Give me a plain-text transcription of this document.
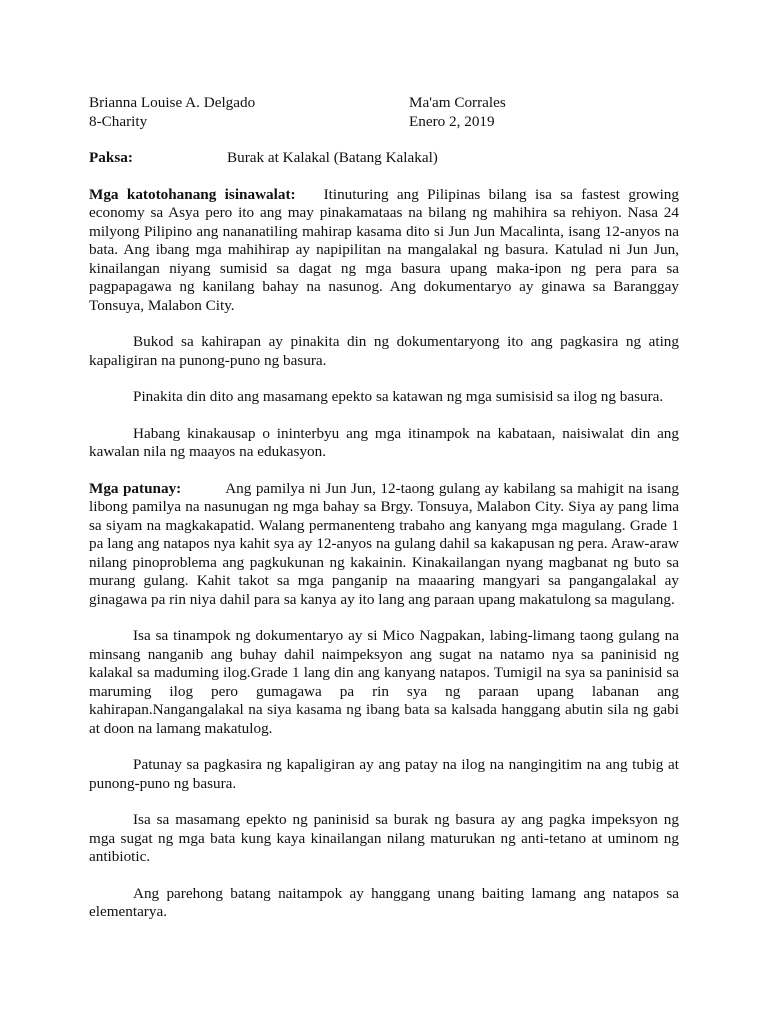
Brianna Louise A. Delgado	Ma'am Corrales
8-Charity	Enero 2, 2019
Paksa:	Burak at Kalakal (Batang Kalakal)

Mga katotohanang isinawalat: Itinuturing ang Pilipinas bilang isa sa fastest growing economy sa Asya pero ito ang may pinakamataas na bilang ng mahihira sa rehiyon. Nasa 24 milyong Pilipino ang nananatiling mahirap kasama dito si Jun Jun Macalinta, isang 12-anyos na bata. Ang ibang mga mahihirap ay napipilitan na mangalakal ng basura. Katulad ni Jun Jun, kinailangan niyang sumisid sa dagat ng mga basura upang maka-ipon ng pera para sa pagpapagawa ng kanilang bahay na nasunog. Ang dokumentaryo ay ginawa sa Baranggay Tonsuya, Malabon City.

Bukod sa kahirapan ay pinakita din ng dokumentaryong ito ang pagkasira ng ating kapaligiran na punong-puno ng basura.

Pinakita din dito ang masamang epekto sa katawan ng mga sumisisid sa ilog ng basura.

Habang kinakausap o ininterbyu ang mga itinampok na kabataan, naisiwalat din ang kawalan nila ng maayos na edukasyon.

Mga patunay:	Ang pamilya ni Jun Jun, 12-taong gulang ay kabilang sa mahigit na isang libong pamilya na nasunugan ng mga bahay sa Brgy. Tonsuya, Malabon City. Siya ay pang lima sa siyam na magkakapatid. Walang permanenteng trabaho ang kanyang mga magulang. Grade 1 pa lang ang natapos nya kahit sya ay 12-anyos na gulang dahil sa kakapusan ng pera. Araw-araw nilang pinoproblema ang pagkukunan ng kakainin. Kinakailangan nyang magbanat ng buto sa murang gulang. Kahit takot sa mga panganip na maaaring mangyari sa pangangalakal ay ginagawa pa rin niya dahil para sa kanya ay ito lang ang paraan upang makatulong sa magulang.

Isa sa tinampok ng dokumentaryo ay si Mico Nagpakan, labing-limang taong gulang na minsang nanganib ang buhay dahil naimpeksyon ang sugat na natamo nya sa paninisid ng kalakal sa maduming ilog.Grade 1 lang din ang kanyang natapos. Tumigil na sya sa paninisid sa maruming ilog pero gumagawa pa rin sya ng paraan upang labanan ang kahirapan.Nangangalakal na siya kasama ng ibang bata sa kalsada hanggang abutin sila ng gabi at doon na lamang makatulog.

Patunay sa pagkasira ng kapaligiran ay ang patay na ilog na nangingitim na ang tubig at punong-puno ng basura.

Isa sa masamang epekto ng paninisid sa burak ng basura ay ang pagka impeksyon ng mga sugat ng mga bata kung kaya kinailangan nilang maturukan ng anti-tetano at uminom ng antibiotic.

Ang parehong batang naitampok ay hanggang unang baiting lamang ang natapos sa elementarya.
